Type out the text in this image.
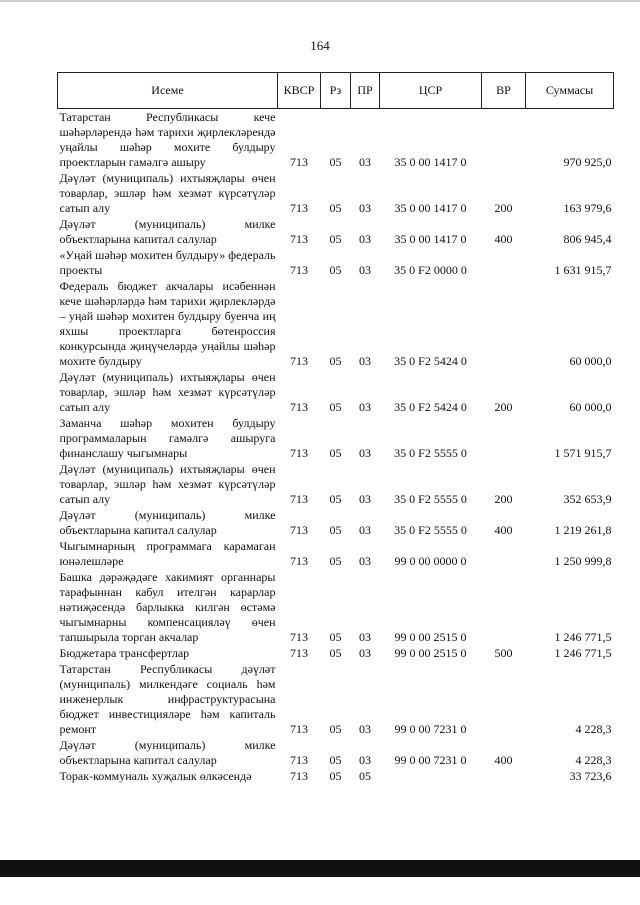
164
Исеме	КВСР	Рз	ПР	ЦСР	ВР	Суммасы
Татарстан Республикасы кече шәһәрләрендә һәм тарихи җирлекләрендә уңайлы шәһәр мохите булдыру проектларын гамәлгә ашыру	713	05	03	35 0 00 1417 0		970 925,0
Дәүләт (муниципаль) ихтыяҗлары өчен товарлар, эшләр һәм хезмәт күрсәтүләр сатып алу	713	05	03	35 0 00 1417 0	200	163 979,6
Дәүләт (муниципаль) милке объектларына капитал салулар	713	05	03	35 0 00 1417 0	400	806 945,4
«Уңай шәһәр мохитен булдыру» федераль проекты	713	05	03	35 0 F2 0000 0		1 631 915,7
Федераль бюджет акчалары исәбеннән кече шәһәрләрдә һәм тарихи җирлекләрдә – уңай шәһәр мохитен булдыру буенча иң яхшы проектларга бөтенроссия конкурсында җиңүчеләрдә уңайлы шәһәр мохите булдыру	713	05	03	35 0 F2 5424 0		60 000,0
Дәүләт (муниципаль) ихтыяҗлары өчен товарлар, эшләр һәм хезмәт күрсәтүләр сатып алу	713	05	03	35 0 F2 5424 0	200	60 000,0
Заманча шәһәр мохитен булдыру программаларын гамәлгә ашыруга финанслашу чыгымнары	713	05	03	35 0 F2 5555 0		1 571 915,7
Дәүләт (муниципаль) ихтыяҗлары өчен товарлар, эшләр һәм хезмәт күрсәтүләр сатып алу	713	05	03	35 0 F2 5555 0	200	352 653,9
Дәүләт (муниципаль) милке объектларына капитал салулар	713	05	03	35 0 F2 5555 0	400	1 219 261,8
Чыгымнарның программага карамаган юнәлешләре	713	05	03	99 0 00 0000 0		1 250 999,8
Башка дәрәҗәдәге хакимият органнары тарафыннан кабул ителгән карарлар нәтиҗәсендә барлыкка килгән өстәмә чыгымнарны компенсацияләү өчен тапшырыла торган акчалар	713	05	03	99 0 00 2515 0		1 246 771,5
Бюджетара трансфертлар	713	05	03	99 0 00 2515 0	500	1 246 771,5
Татарстан Республикасы дәүләт (муниципаль) милкендәге социаль һәм инженерлык инфраструктурасына бюджет инвестицияләре һәм капиталь ремонт	713	05	03	99 0 00 7231 0		4 228,3
Дәүләт (муниципаль) милке объектларына капитал салулар	713	05	03	99 0 00 7231 0	400	4 228,3
Торак-коммуналь хуҗалык өлкәсендә	713	05	05			33 723,6
